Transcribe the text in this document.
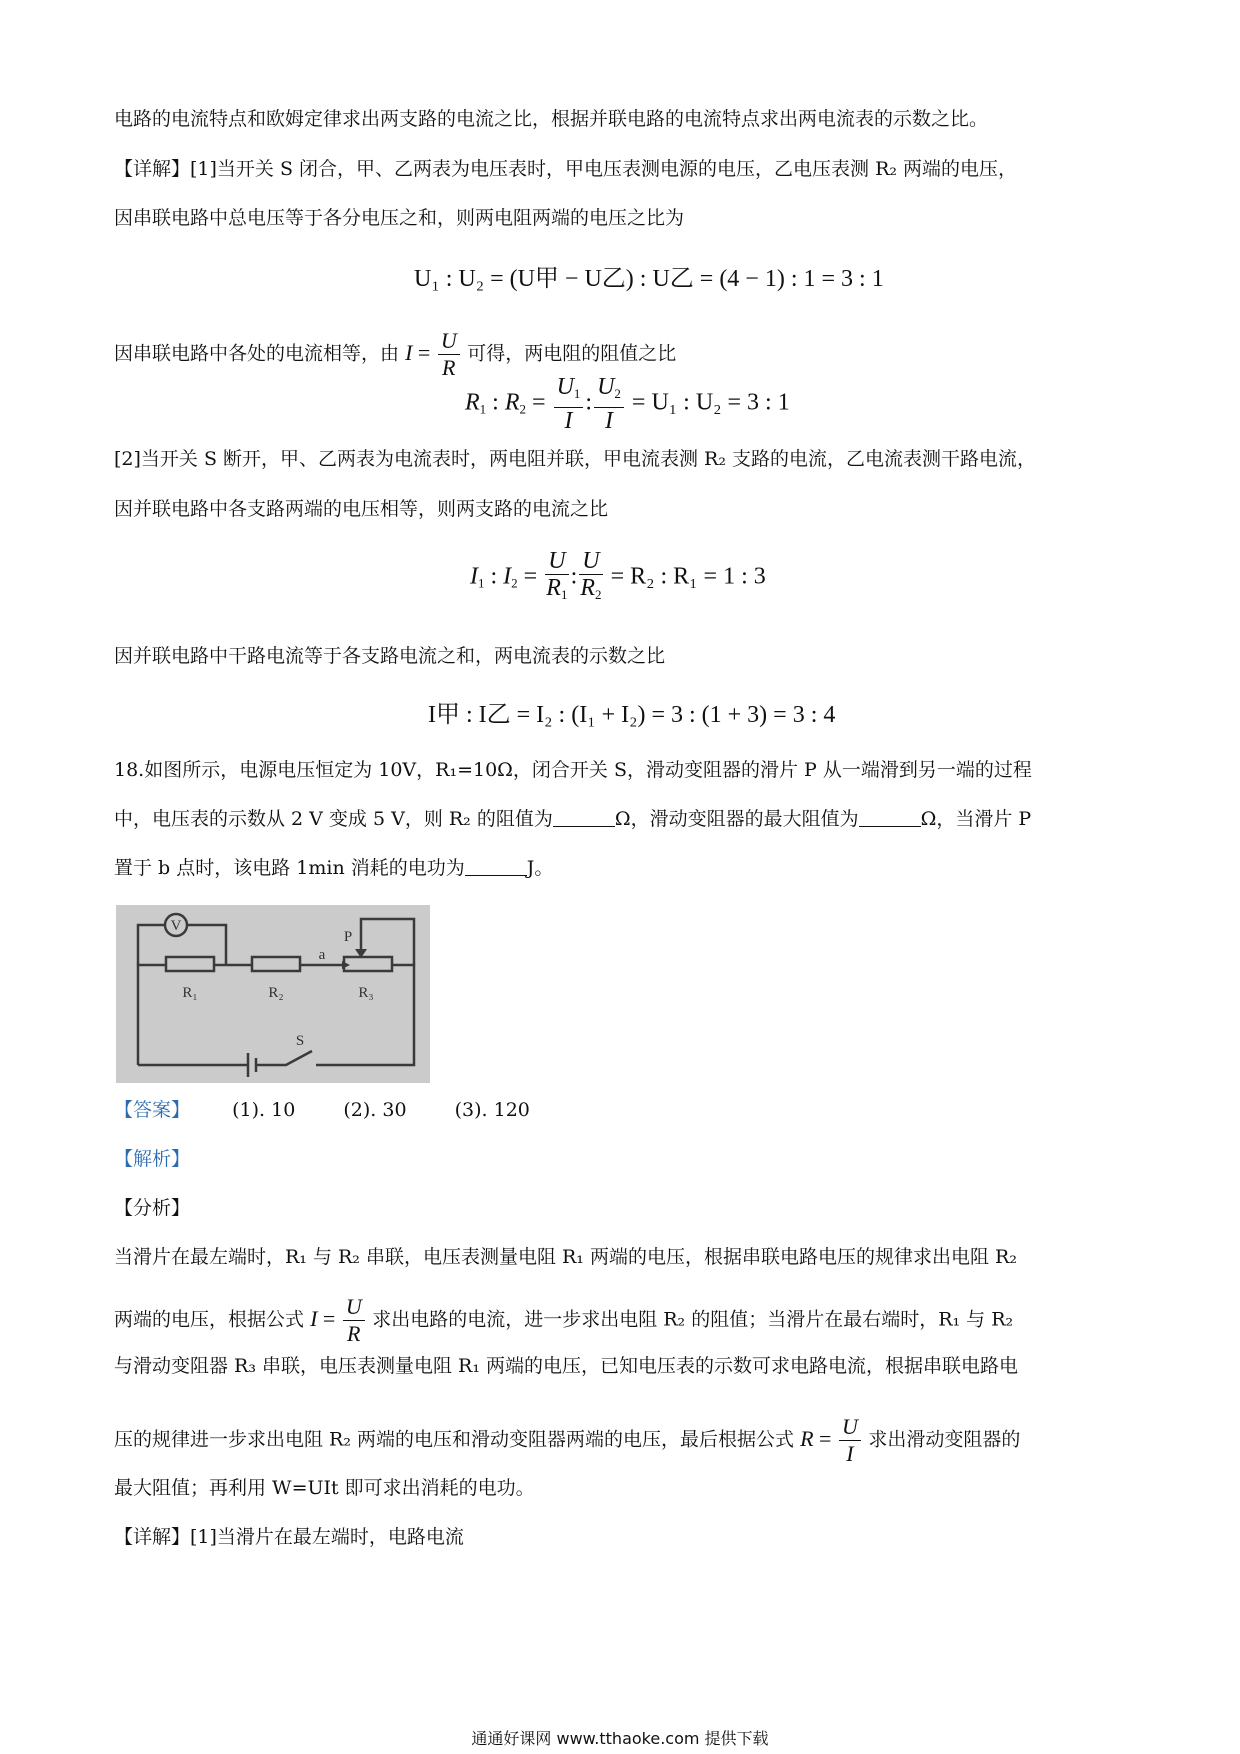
电路的电流特点和欧姆定律求出两支路的电流之比，根据并联电路的电流特点求出两电流表的示数之比。
【详解】[1]当开关 S 闭合，甲、乙两表为电压表时，甲电压表测电源的电压，乙电压表测 R₂ 两端的电压，
因串联电路中总电压等于各分电压之和，则两电阻两端的电压之比为
U₁ : U₂ = (U甲 − U乙) : U乙 = (4 − 1) : 1 = 3 : 1
因串联电路中各处的电流相等，由 $I = \frac{U}{R}$ 可得，两电阻的阻值之比
$R_1$ : $R_2 = \frac{U_1}{I}$ : $\frac{U_2}{I} = U_1$ : U₂ = 3 : 1
[2]当开关 S 断开，甲、乙两表为电流表时，两电阻并联，甲电流表测 R₂ 支路的电流，乙电流表测干路电流，
因并联电路中各支路两端的电压相等，则两支路的电流之比
$I_1$ : $I_2 = \frac{U}{R_1}$ : $\frac{U}{R_2} = R_2$ : R₁ = 1 : 3
因并联电路中干路电流等于各支路电流之和，两电流表的示数之比
I甲 : I乙 = I₂ : (I₁ + I₂) = 3 : (1 + 3) = 3 : 4
18.如图所示，电源电压恒定为 10V，R₁=10Ω，闭合开关 S，滑动变阻器的滑片 P 从一端滑到另一端的过程
中，电压表的示数从 2 V 变成 5 V，则 R₂ 的阻值为	Ω，滑动变阻器的最大阻值为	Ω，当滑片 P
置于 b 点时，该电路 1min 消耗的电功为	J。
V
R₁	R₂	R₃
P
a
S
【答案】 (1). 10	(2). 30	(3). 120
【解析】
【分析】
当滑片在最左端时，R₁ 与 R₂ 串联，电压表测量电阻 R₁ 两端的电压，根据串联电路电压的规律求出电阻 R₂
两端的电压，根据公式 $I = \frac{U}{R}$ 求出电路的电流，进一步求出电阻 R₂ 的阻值；当滑片在最右端时，R₁ 与 R₂
与滑动变阻器 R₃ 串联，电压表测量电阻 R₁ 两端的电压，已知电压表的示数可求电路电流，根据串联电路电
压的规律进一步求出电阻 R₂ 两端的电压和滑动变阻器两端的电压，最后根据公式 $R = \frac{U}{I}$ 求出滑动变阻器的
最大阻值；再利用 W=UIt 即可求出消耗的电功。
【详解】[1]当滑片在最左端时，电路电流
通通好课网 www.tthaoke.com 提供下载
